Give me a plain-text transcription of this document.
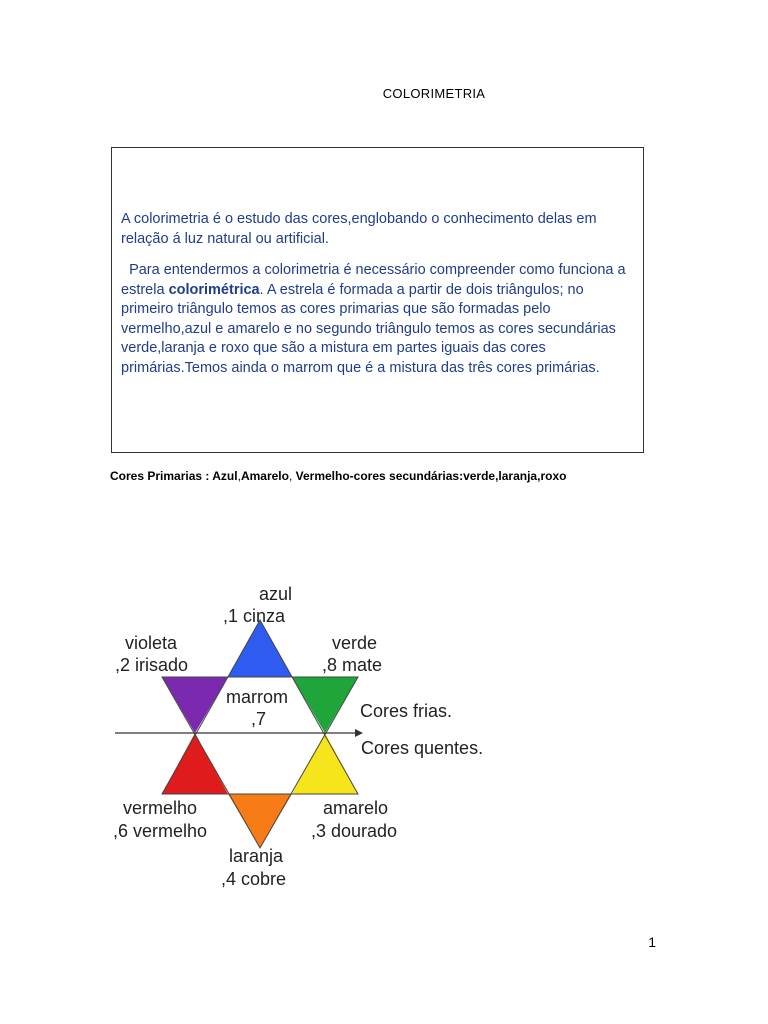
COLORIMETRIA

A colorimetria é o estudo das cores,englobando o conhecimento delas em relação á luz natural ou artificial.

Para entendermos a colorimetria é necessário compreender como funciona a estrela colorimétrica. A estrela é formada a partir de dois triângulos; no primeiro triângulo temos as cores primarias que são formadas pelo vermelho,azul e amarelo e no segundo triângulo temos as cores secundárias verde,laranja e roxo que são a mistura em partes iguais das cores primárias.Temos ainda o marrom que é a mistura das três cores primárias.

Cores Primarias : Azul,Amarelo, Vermelho-cores secundárias:verde,laranja,roxo
azul
,1 cinza
violeta
,2 irisado
verde
,8 mate
marrom
,7	Cores frias.
Cores quentes.
vermelho
,6 vermelho
amarelo
,3 dourado
laranja
,4 cobre
1
